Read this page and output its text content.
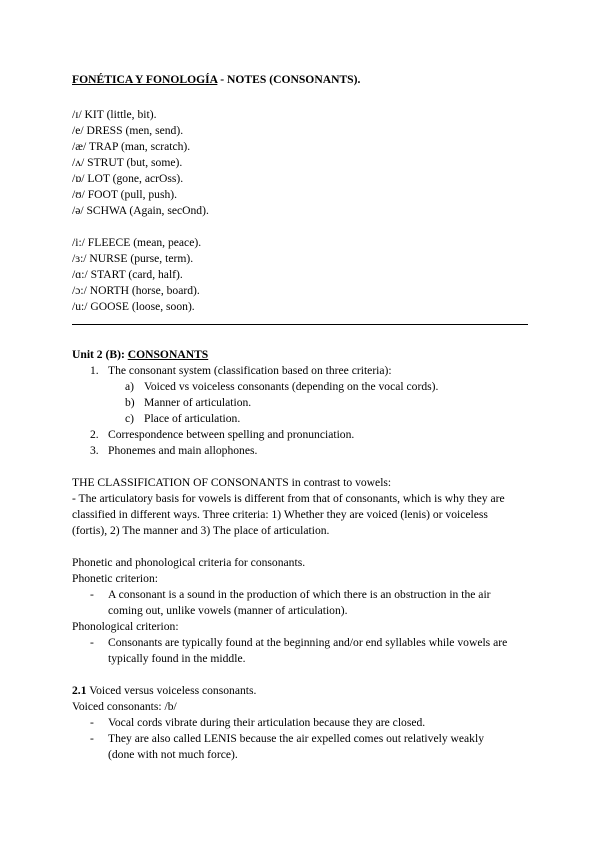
FONÉTICA Y FONOLOGÍA - NOTES (CONSONANTS).
/ɪ/ KIT (little, bit).
/e/ DRESS (men, send).
/æ/ TRAP (man, scratch).
/ʌ/ STRUT (but, some).
/ɒ/ LOT (gone, acrOss).
/ʊ/ FOOT (pull, push).
/ə/ SCHWA (Again, secOnd).
/i:/ FLEECE (mean, peace).
/ɜ:/ NURSE (purse, term).
/ɑ:/ START (card, half).
/ɔ:/ NORTH (horse, board).
/u:/ GOOSE (loose, soon).
Unit 2 (B): CONSONANTS
1. The consonant system (classification based on three criteria):
a) Voiced vs voiceless consonants (depending on the vocal cords).
b) Manner of articulation.
c) Place of articulation.
2. Correspondence between spelling and pronunciation.
3. Phonemes and main allophones.
THE CLASSIFICATION OF CONSONANTS in contrast to vowels:
- The articulatory basis for vowels is different from that of consonants, which is why they are
classified in different ways. Three criteria: 1) Whether they are voiced (lenis) or voiceless
(fortis), 2) The manner and 3) The place of articulation.
Phonetic and phonological criteria for consonants.
Phonetic criterion:
- A consonant is a sound in the production of which there is an obstruction in the air
coming out, unlike vowels (manner of articulation).
Phonological criterion:
- Consonants are typically found at the beginning and/or end syllables while vowels are
typically found in the middle.
2.1 Voiced versus voiceless consonants.
Voiced consonants: /b/
- Vocal cords vibrate during their articulation because they are closed.
- They are also called LENIS because the air expelled comes out relatively weakly
(done with not much force).
